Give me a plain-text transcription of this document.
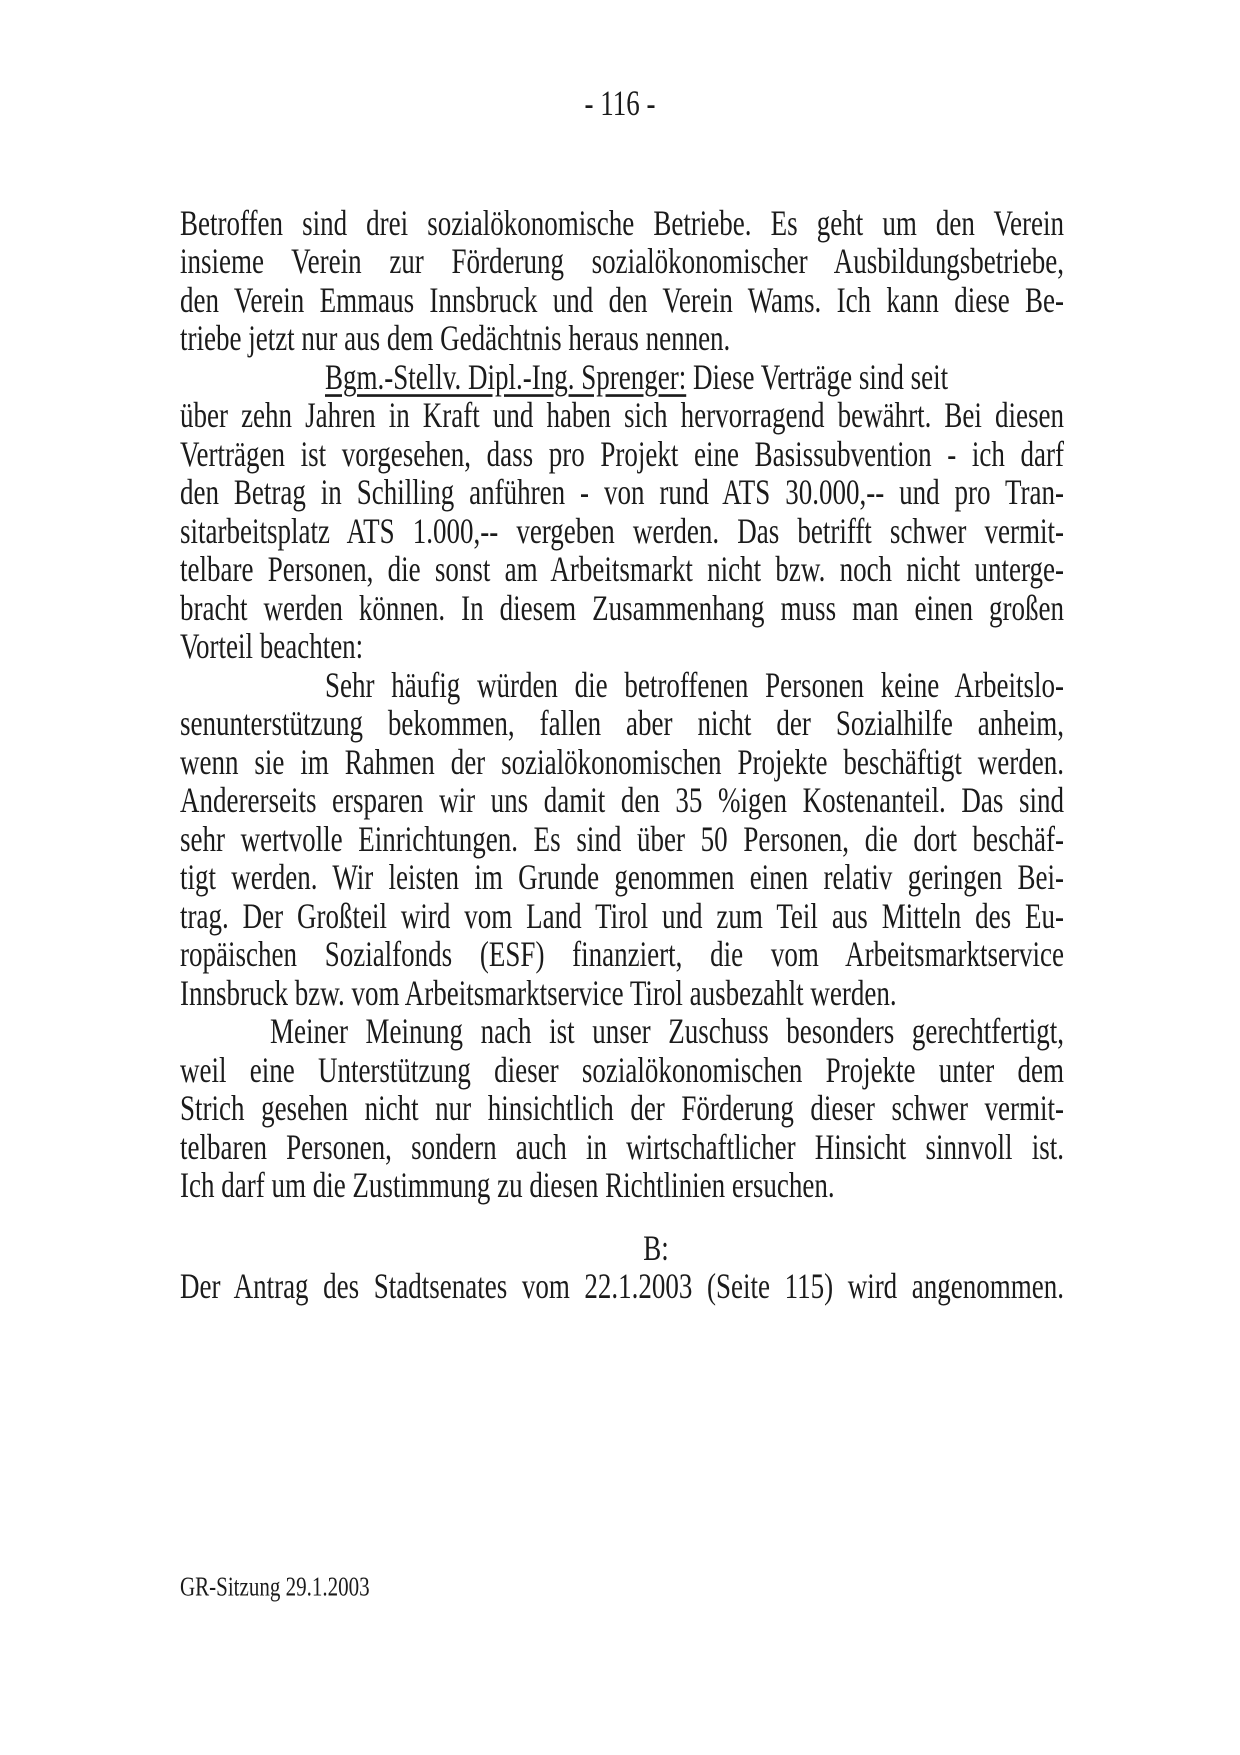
- 116 -
Betroffen sind drei sozialökonomische Betriebe. Es geht um den Verein
insieme Verein zur Förderung sozialökonomischer Ausbildungsbetriebe,
den Verein Emmaus Innsbruck und den Verein Wams. Ich kann diese Be-
triebe jetzt nur aus dem Gedächtnis heraus nennen.
Bgm.-Stellv. Dipl.-Ing. Sprenger: Diese Verträge sind seit
über zehn Jahren in Kraft und haben sich hervorragend bewährt. Bei diesen
Verträgen ist vorgesehen, dass pro Projekt eine Basissubvention - ich darf
den Betrag in Schilling anführen - von rund ATS 30.000,-- und pro Tran-
sitarbeitsplatz ATS 1.000,-- vergeben werden. Das betrifft schwer vermit-
telbare Personen, die sonst am Arbeitsmarkt nicht bzw. noch nicht unterge-
bracht werden können. In diesem Zusammenhang muss man einen großen
Vorteil beachten:
Sehr häufig würden die betroffenen Personen keine Arbeitslo-
senunterstützung bekommen, fallen aber nicht der Sozialhilfe anheim,
wenn sie im Rahmen der sozialökonomischen Projekte beschäftigt werden.
Andererseits ersparen wir uns damit den 35 %igen Kostenanteil. Das sind
sehr wertvolle Einrichtungen. Es sind über 50 Personen, die dort beschäf-
tigt werden. Wir leisten im Grunde genommen einen relativ geringen Bei-
trag. Der Großteil wird vom Land Tirol und zum Teil aus Mitteln des Eu-
ropäischen Sozialfonds (ESF) finanziert, die vom Arbeitsmarktservice
Innsbruck bzw. vom Arbeitsmarktservice Tirol ausbezahlt werden.
Meiner Meinung nach ist unser Zuschuss besonders gerechtfertigt,
weil eine Unterstützung dieser sozialökonomischen Projekte unter dem
Strich gesehen nicht nur hinsichtlich der Förderung dieser schwer vermit-
telbaren Personen, sondern auch in wirtschaftlicher Hinsicht sinnvoll ist.
Ich darf um die Zustimmung zu diesen Richtlinien ersuchen.
B:
Der Antrag des Stadtsenates vom 22.1.2003 (Seite 115) wird angenommen.
GR-Sitzung 29.1.2003
